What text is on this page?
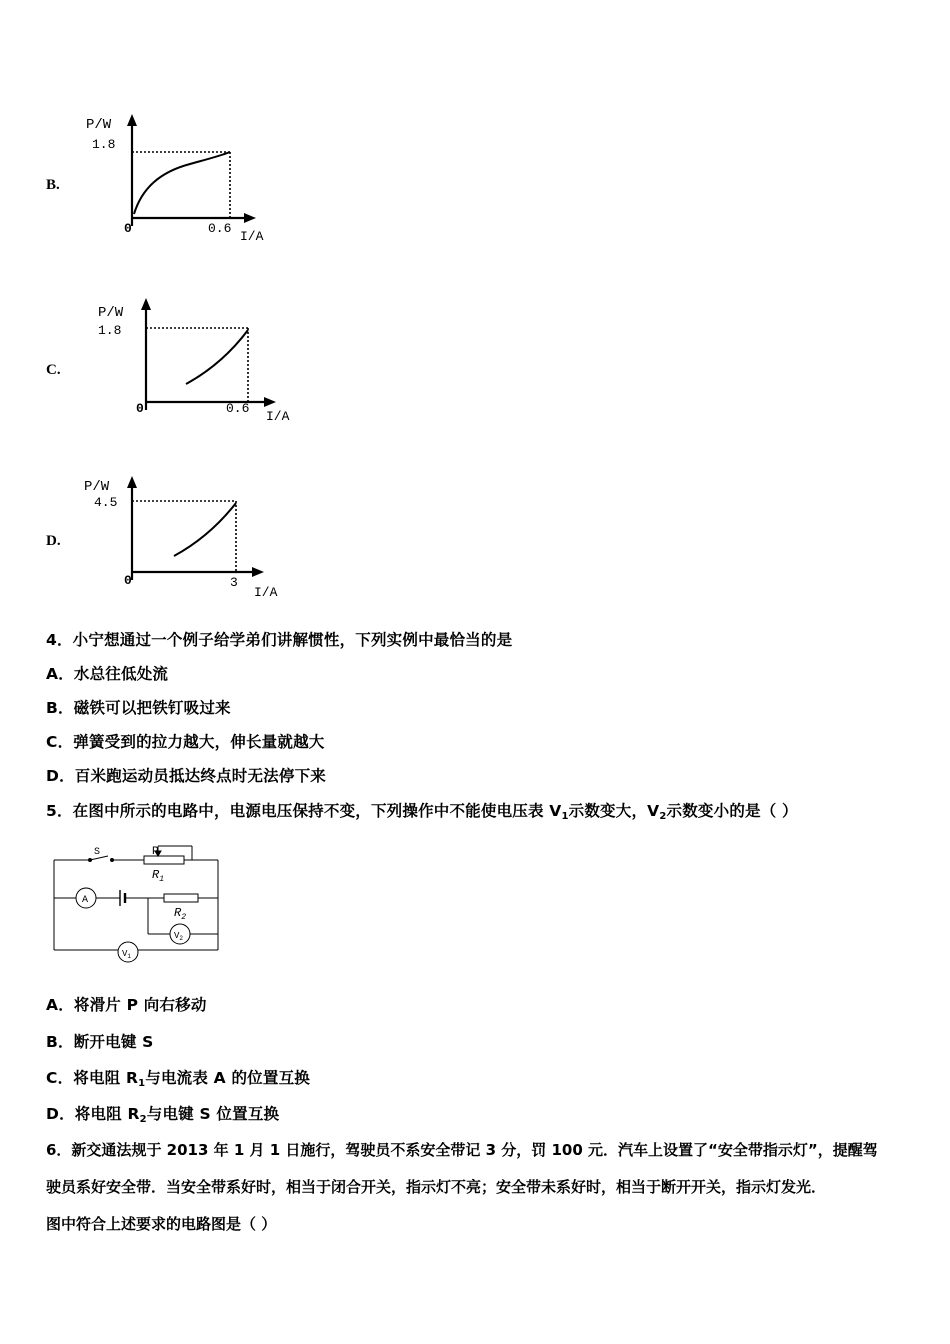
B.
P/W
1.8
0	0.6
I/A
C.
P/W
1.8
0	0.6
I/A
D.
P/W
4.5
0	3
I/A
4．小宁想通过一个例子给学弟们讲解惯性，下列实例中最恰当的是
A．水总往低处流
B．磁铁可以把铁钉吸过来
C．弹簧受到的拉力越大，伸长量就越大
D．百米跑运动员抵达终点时无法停下来
5．在图中所示的电路中，电源电压保持不变，下列操作中不能使电压表 $V_1$示数变大，$V_2$示数变小的是（ ）
S	P
$R_1$
$R_2$
A
$V_2$
$V_1$
A．将滑片 P 向右移动
B．断开电键 S
C．将电阻 $R_1$与电流表 A 的位置互换
D．将电阻 $R_2$与电键 S 位置互换
6．新交通法规于 2013 年 1 月 1 日施行，驾驶员不系安全带记 3 分，罚 100 元．汽车上设置了“安全带指示灯”，提醒驾
驶员系好安全带．当安全带系好时，相当于闭合开关，指示灯不亮；安全带未系好时，相当于断开开关，指示灯发光．
图中符合上述要求的电路图是（ ）
